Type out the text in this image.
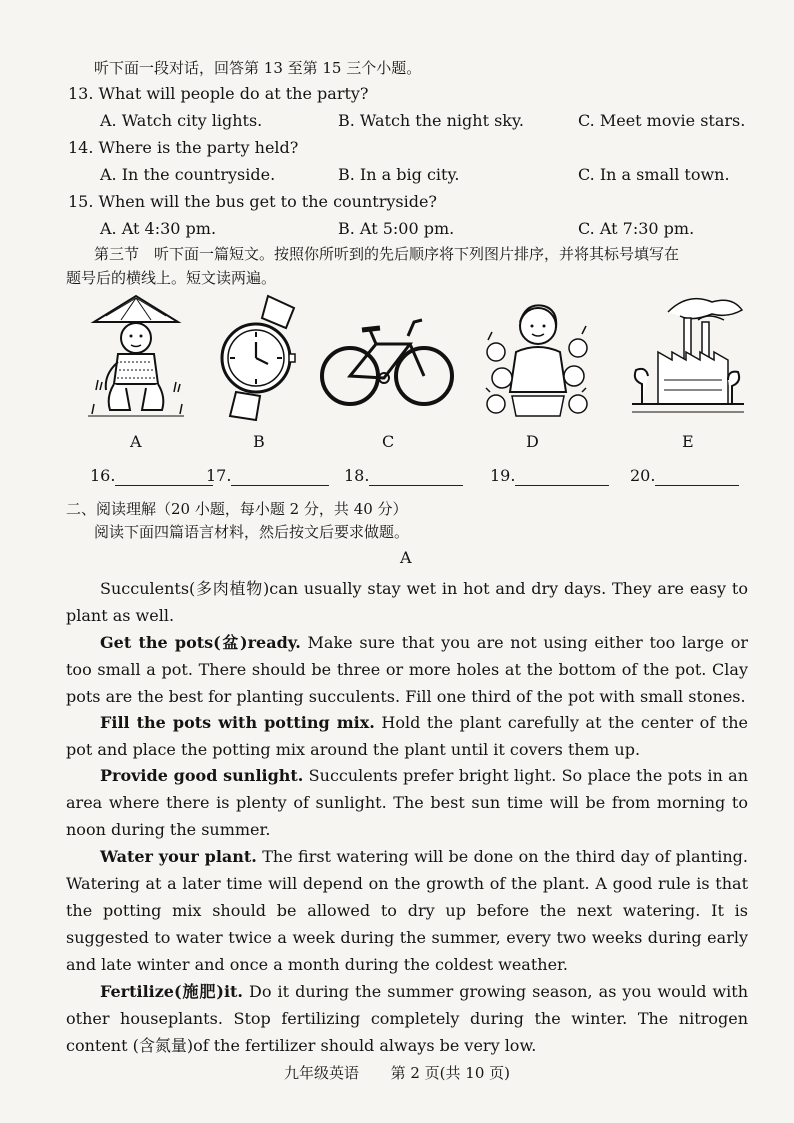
听下面一段对话，回答第 13 至第 15 三个小题。
13. What will people do at the party?
A. Watch city lights.	B. Watch the night sky.	C. Meet movie stars.
14. Where is the party held?
A. In the countryside.	B. In a big city.	C. In a small town.
15. When will the bus get to the countryside?
A. At 4:30 pm.	B. At 5:00 pm.	C. At 7:30 pm.
第三节　听下面一篇短文。按照你所听到的先后顺序将下列图片排序，并将其标号填写在
题号后的横线上。短文读两遍。
A	B	C	D	E
16.	17.	18.	19.	20.
二、阅读理解（20 小题，每小题 2 分，共 40 分）
阅读下面四篇语言材料，然后按文后要求做题。
A
Succulents(多肉植物)can usually stay wet in hot and dry days. They are easy to plant as well.
Get the pots(盆)ready. Make sure that you are not using either too large or too small a pot. There should be three or more holes at the bottom of the pot. Clay pots are the best for planting succulents. Fill one third of the pot with small stones.
Fill the pots with potting mix. Hold the plant carefully at the center of the pot and place the potting mix around the plant until it covers them up.
Provide good sunlight. Succulents prefer bright light. So place the pots in an area where there is plenty of sunlight. The best sun time will be from morning to noon during the summer.
Water your plant. The first watering will be done on the third day of planting. Watering at a later time will depend on the growth of the plant. A good rule is that the potting mix should be allowed to dry up before the next watering. It is suggested to water twice a week during the summer, every two weeks during early and late winter and once a month during the coldest weather.
Fertilize(施肥)it. Do it during the summer growing season, as you would with other houseplants. Stop fertilizing completely during the winter. The nitrogen content (含氮量)of the fertilizer should always be very low.
九年级英语 第 2 页(共 10 页)
